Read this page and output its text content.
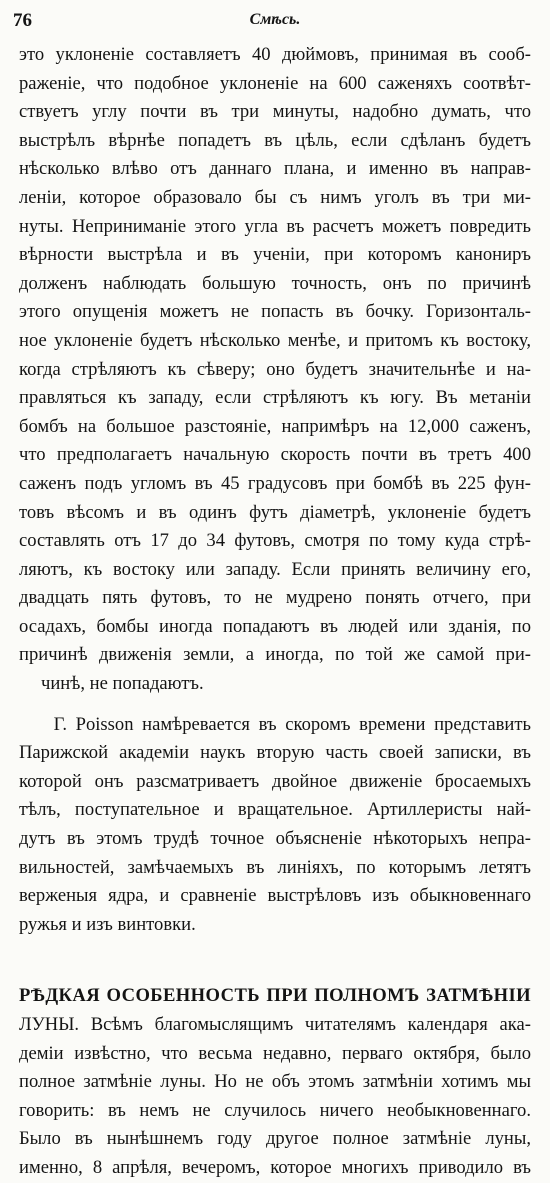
76	Смѣсь.
это уклоненіе составляетъ 40 дюймовъ, принимая въ сооб-
раженіе, что подобное уклоненіе на 600 саженяхъ соотвѣт-
ствуетъ углу почти въ три минуты, надобно думать, что
выстрѣлъ вѣрнѣе попадетъ въ цѣль, если сдѣланъ будетъ
нѣсколько влѣво отъ даннаго плана, и именно въ направ-
леніи, которое образовало бы съ нимъ уголъ въ три ми-
нуты. Неприниманіе этого угла въ расчетъ можетъ повредить
вѣрности выстрѣла и въ ученіи, при которомъ канониръ
долженъ наблюдать большую точность, онъ по причинѣ
этого опущенія можетъ не попасть въ бочку. Горизонталь-
ное уклоненіе будетъ нѣсколько менѣе, и притомъ къ востоку,
когда стрѣляютъ къ сѣверу; оно будетъ значительнѣе и на-
правляться къ западу, если стрѣляютъ къ югу. Въ метаніи
бомбъ на большое разстояніе, напримѣръ на 12,000 саженъ,
что предполагаетъ начальную скорость почти въ третъ 400
саженъ подъ угломъ въ 45 градусовъ при бомбѣ въ 225 фун-
товъ вѣсомъ и въ одинъ футъ діаметрѣ, уклоненіе будетъ
составлять отъ 17 до 34 футовъ, смотря по тому куда стрѣ-
ляютъ, къ востоку или западу. Если принять величину его,
двадцать пять футовъ, то не мудрено понять отчего, при
осадахъ, бомбы иногда попадаютъ въ людей или зданія, по
причинѣ движенія земли, а иногда, по той же самой при-
чинѣ, не попадаютъ.
Г. Poisson намѣревается въ скоромъ времени представить
Парижской академіи наукъ вторую часть своей записки, въ
которой онъ разсматриваетъ двойное движеніе бросаемыхъ
тѣлъ, поступательное и вращательное. Артиллеристы най-
дутъ въ этомъ трудѣ точное объясненіе нѣкоторыхъ непра-
вильностей, замѣчаемыхъ въ линіяхъ, по которымъ летятъ
верженыя ядра, и сравненіе выстрѣловъ изъ обыкновеннаго
ружья и изъ винтовки.
РѢДКАЯ ОСОБЕННОСТЬ ПРИ ПОЛНОМЪ ЗАТМѢНІИ
ЛУНЫ. Всѣмъ благомыслящимъ читателямъ календаря ака-
деміи извѣстно, что весьма недавно, перваго октября, было
полное затмѣніе луны. Но не объ этомъ затмѣніи хотимъ мы
говорить: въ немъ не случилось ничего необыкновеннаго.
Было въ нынѣшнемъ году другое полное затмѣніе луны,
именно, 8 апрѣля, вечеромъ, которое многихъ приводило въ
